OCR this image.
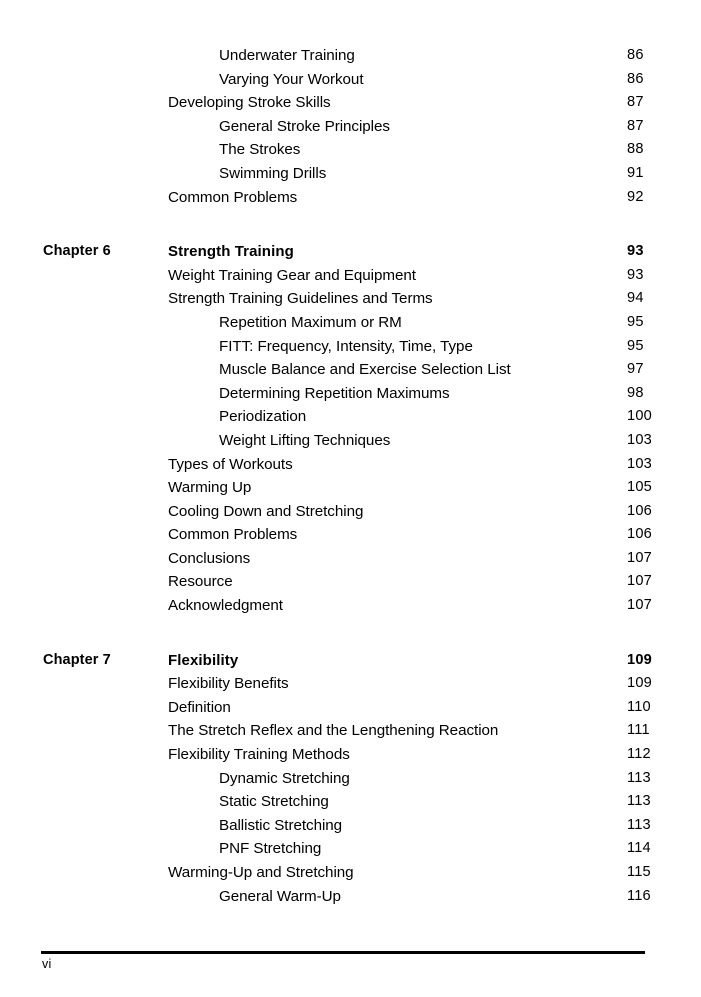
Underwater Training	86
Varying Your Workout	86
Developing Stroke Skills	87
General Stroke Principles	87
The Strokes	88
Swimming Drills	91
Common Problems	92
Chapter 6	Strength Training	93
Weight Training Gear and Equipment	93
Strength Training Guidelines and Terms	94
Repetition Maximum or RM	95
FITT: Frequency, Intensity, Time, Type	95
Muscle Balance and Exercise Selection List	97
Determining Repetition Maximums	98
Periodization	100
Weight Lifting Techniques	103
Types of Workouts	103
Warming Up	105
Cooling Down and Stretching	106
Common Problems	106
Conclusions	107
Resource	107
Acknowledgment	107
Chapter 7	Flexibility	109
Flexibility Benefits	109
Definition	110
The Stretch Reflex and the Lengthening Reaction	111
Flexibility Training Methods	112
Dynamic Stretching	113
Static Stretching	113
Ballistic Stretching	113
PNF Stretching	114
Warming-Up and Stretching	115
General Warm-Up	116
vi
